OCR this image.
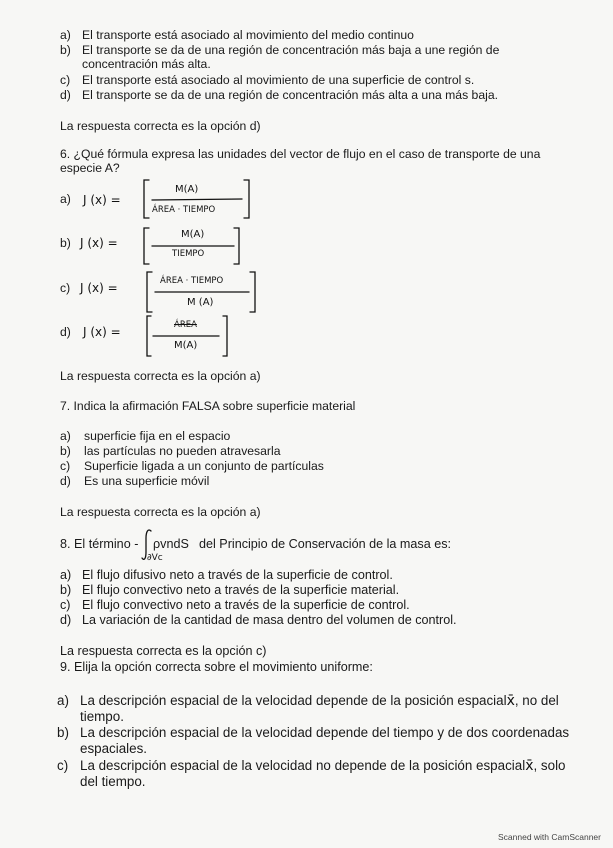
a) El transporte está asociado al movimiento del medio continuo
b) El transporte se da de una región de concentración más baja a une región de
concentración más alta.
c) El transporte está asociado al movimiento de una superficie de control s.
d) El transporte se da de una región de concentración más alta a una más baja.
La respuesta correcta es la opción d)
6. ¿Qué fórmula expresa las unidades del vector de flujo en el caso de transporte de una
especie A?
a) J (x) =
M(A)
ÁREA · TIEMPO
b) J (x) =
M(A)
TIEMPO
c) J (x) =	ÁREA · TIEMPO
M (A)
d) J (x) =	ÁREA
M(A)
La respuesta correcta es la opción a)
7. Indica la afirmación FALSA sobre superficie material
a) superficie fija en el espacio
b) las partículas no pueden atravesarla
c) Superficie ligada a un conjunto de partículas
d) Es una superficie móvil
La respuesta correcta es la opción a)
8. El término - ρvndS
∂Vc
del Principio de Conservación de la masa es:
a) El flujo difusivo neto a través de la superficie de control.
b) El flujo convectivo neto a través de la superficie material.
c) El flujo convectivo neto a través de la superficie de control.
d) La variación de la cantidad de masa dentro del volumen de control.
La respuesta correcta es la opción c)
9. Elija la opción correcta sobre el movimiento uniforme:
a) La descripción espacial de la velocidad depende de la posición espacialx̄, no del
tiempo.
b) La descripción espacial de la velocidad depende del tiempo y de dos coordenadas
espaciales.
c) La descripción espacial de la velocidad no depende de la posición espacialx̄, solo
del tiempo.
Scanned with CamScanner
